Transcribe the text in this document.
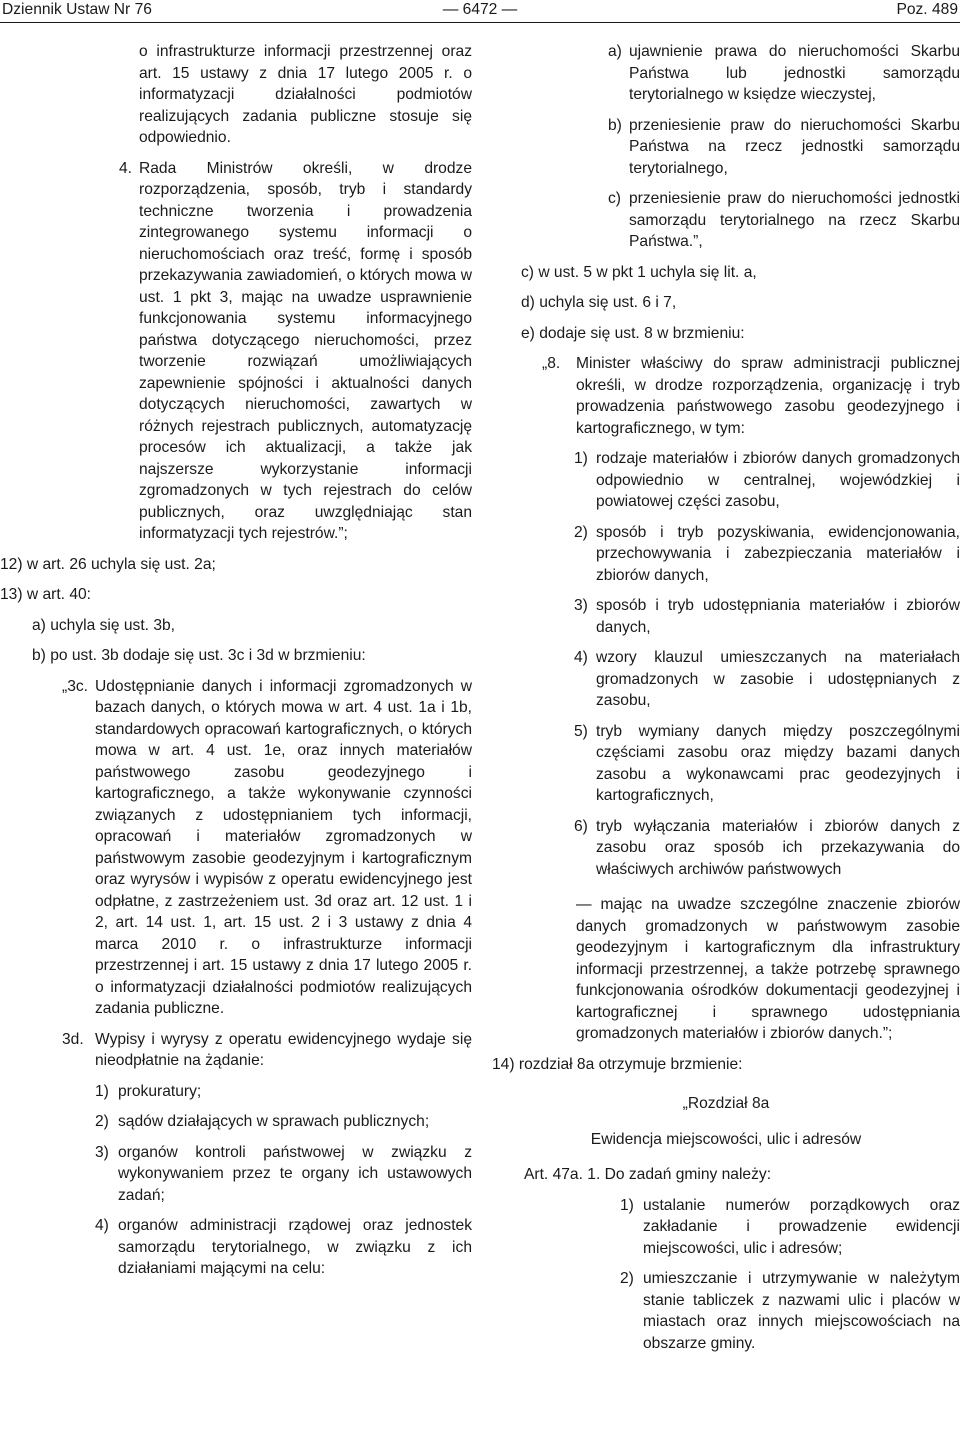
Dziennik Ustaw Nr 76	— 6472 —	Poz. 489

o infrastrukturze informacji przestrzennej oraz art. 15 ustawy z dnia 17 lutego 2005 r. o informatyzacji działalności podmiotów realizujących zadania publiczne stosuje się odpowiednio.

4. Rada Ministrów określi, w drodze rozporządzenia, sposób, tryb i standardy techniczne tworzenia i prowadzenia zintegrowanego systemu informacji o nieruchomościach oraz treść, formę i sposób przekazywania zawiadomień, o których mowa w ust. 1 pkt 3, mając na uwadze usprawnienie funkcjonowania systemu informacyjnego państwa dotyczącego nieruchomości, przez tworzenie rozwiązań umożliwiających zapewnienie spójności i aktualności danych dotyczących nieruchomości, zawartych w różnych rejestrach publicznych, automatyzację procesów ich aktualizacji, a także jak najszersze wykorzystanie informacji zgromadzonych w tych rejestrach do celów publicznych, oraz uwzględniając stan informatyzacji tych rejestrów.”;

12) w art. 26 uchyla się ust. 2a;

13) w art. 40:

a) uchyla się ust. 3b,

b) po ust. 3b dodaje się ust. 3c i 3d w brzmieniu:

„3c. Udostępnianie danych i informacji zgromadzonych w bazach danych, o których mowa w art. 4 ust. 1a i 1b, standardowych opracowań kartograficznych, o których mowa w art. 4 ust. 1e, oraz innych materiałów państwowego zasobu geodezyjnego i kartograficznego, a także wykonywanie czynności związanych z udostępnianiem tych informacji, opracowań i materiałów zgromadzonych w państwowym zasobie geodezyjnym i kartograficznym oraz wyrysów i wypisów z operatu ewidencyjnego jest odpłatne, z zastrzeżeniem ust. 3d oraz art. 12 ust. 1 i 2, art. 14 ust. 1, art. 15 ust. 2 i 3 ustawy z dnia 4 marca 2010 r. o infrastrukturze informacji przestrzennej i art. 15 ustawy z dnia 17 lutego 2005 r. o informatyzacji działalności podmiotów realizujących zadania publiczne.
3d. Wypisy i wyrysy z operatu ewidencyjnego wydaje się nieodpłatnie na żądanie:
1) prokuratury;
2) sądów działających w sprawach publicznych;
3) organów kontroli państwowej w związku z wykonywaniem przez te organy ich ustawowych zadań;
4) organów administracji rządowej oraz jednostek samorządu terytorialnego, w związku z ich działaniami mającymi na celu:
a) ujawnienie prawa do nieruchomości Skarbu Państwa lub jednostki samorządu terytorialnego w księdze wieczystej,
b) przeniesienie praw do nieruchomości Skarbu Państwa na rzecz jednostki samorządu terytorialnego,
c) przeniesienie praw do nieruchomości jednostki samorządu terytorialnego na rzecz Skarbu Państwa.”,

c) w ust. 5 w pkt 1 uchyla się lit. a,

d) uchyla się ust. 6 i 7,

e) dodaje się ust. 8 w brzmieniu:

„8. Minister właściwy do spraw administracji publicznej określi, w drodze rozporządzenia, organizację i tryb prowadzenia państwowego zasobu geodezyjnego i kartograficznego, w tym:
1) rodzaje materiałów i zbiorów danych gromadzonych odpowiednio w centralnej, wojewódzkiej i powiatowej części zasobu,
2) sposób i tryb pozyskiwania, ewidencjonowania, przechowywania i zabezpieczania materiałów i zbiorów danych,
3) sposób i tryb udostępniania materiałów i zbiorów danych,
4) wzory klauzul umieszczanych na materiałach gromadzonych w zasobie i udostępnianych z zasobu,
5) tryb wymiany danych między poszczególnymi częściami zasobu oraz między bazami danych zasobu a wykonawcami prac geodezyjnych i kartograficznych,
6) tryb wyłączania materiałów i zbiorów danych z zasobu oraz sposób ich przekazywania do właściwych archiwów państwowych

— mając na uwadze szczególne znaczenie zbiorów danych gromadzonych w państwowym zasobie geodezyjnym i kartograficznym dla infrastruktury informacji przestrzennej, a także potrzebę sprawnego funkcjonowania ośrodków dokumentacji geodezyjnej i kartograficznej i sprawnego udostępniania gromadzonych materiałów i zbiorów danych.”;

14) rozdział 8a otrzymuje brzmienie:

„Rozdział 8a

Ewidencja miejscowości, ulic i adresów

Art. 47a. 1. Do zadań gminy należy:

1) ustalanie numerów porządkowych oraz zakładanie i prowadzenie ewidencji miejscowości, ulic i adresów;
2) umieszczanie i utrzymywanie w należytym stanie tabliczek z nazwami ulic i placów w miastach oraz innych miejscowościach na obszarze gminy.
